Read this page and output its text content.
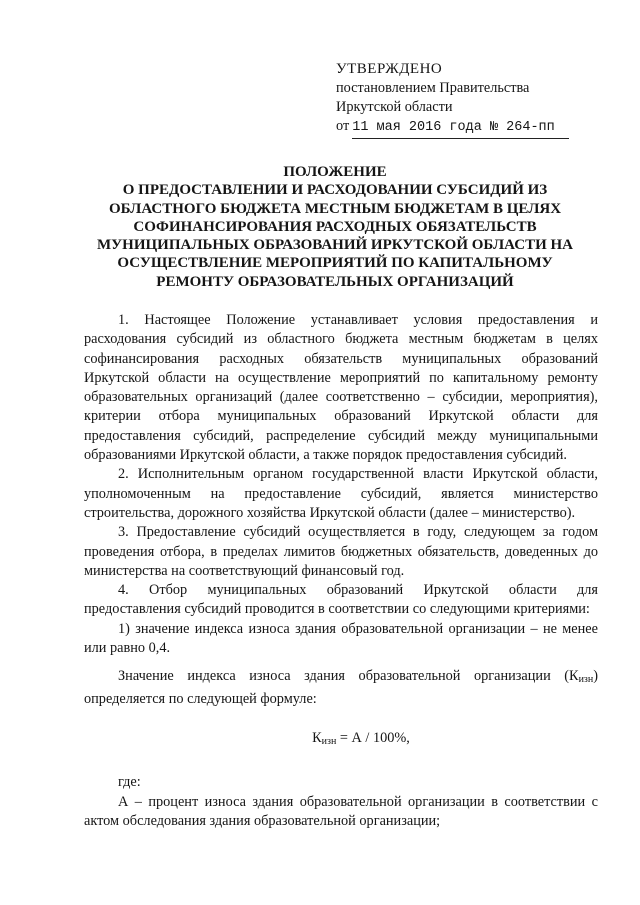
УТВЕРЖДЕНО
постановлением Правительства
Иркутской области
от 11 мая 2016 года № 264-пп
ПОЛОЖЕНИЕ
О ПРЕДОСТАВЛЕНИИ И РАСХОДОВАНИИ СУБСИДИЙ ИЗ
ОБЛАСТНОГО БЮДЖЕТА МЕСТНЫМ БЮДЖЕТАМ В ЦЕЛЯХ
СОФИНАНСИРОВАНИЯ РАСХОДНЫХ ОБЯЗАТЕЛЬСТВ
МУНИЦИПАЛЬНЫХ ОБРАЗОВАНИЙ ИРКУТСКОЙ ОБЛАСТИ НА
ОСУЩЕСТВЛЕНИЕ МЕРОПРИЯТИЙ ПО КАПИТАЛЬНОМУ
РЕМОНТУ ОБРАЗОВАТЕЛЬНЫХ ОРГАНИЗАЦИЙ

1. Настоящее Положение устанавливает условия предоставления и расходования субсидий из областного бюджета местным бюджетам в целях софинансирования расходных обязательств муниципальных образований Иркутской области на осуществление мероприятий по капитальному ремонту образовательных организаций (далее соответственно – субсидии, мероприятия), критерии отбора муниципальных образований Иркутской области для предоставления субсидий, распределение субсидий между муниципальными образованиями Иркутской области, а также порядок предоставления субсидий.

2. Исполнительным органом государственной власти Иркутской области, уполномоченным на предоставление субсидий, является министерство строительства, дорожного хозяйства Иркутской области (далее – министерство).

3. Предоставление субсидий осуществляется в году, следующем за годом проведения отбора, в пределах лимитов бюджетных обязательств, доведенных до министерства на соответствующий финансовый год.

4. Отбор муниципальных образований Иркутской области для предоставления субсидий проводится в соответствии со следующими критериями:

1) значение индекса износа здания образовательной организации – не менее или равно 0,4.

Значение индекса износа здания образовательной организации $(К_{изн})$ определяется по следующей формуле:

$К_{изн} = А / 100\%$,

где:

А – процент износа здания образовательной организации в соответствии с актом обследования здания образовательной организации;
